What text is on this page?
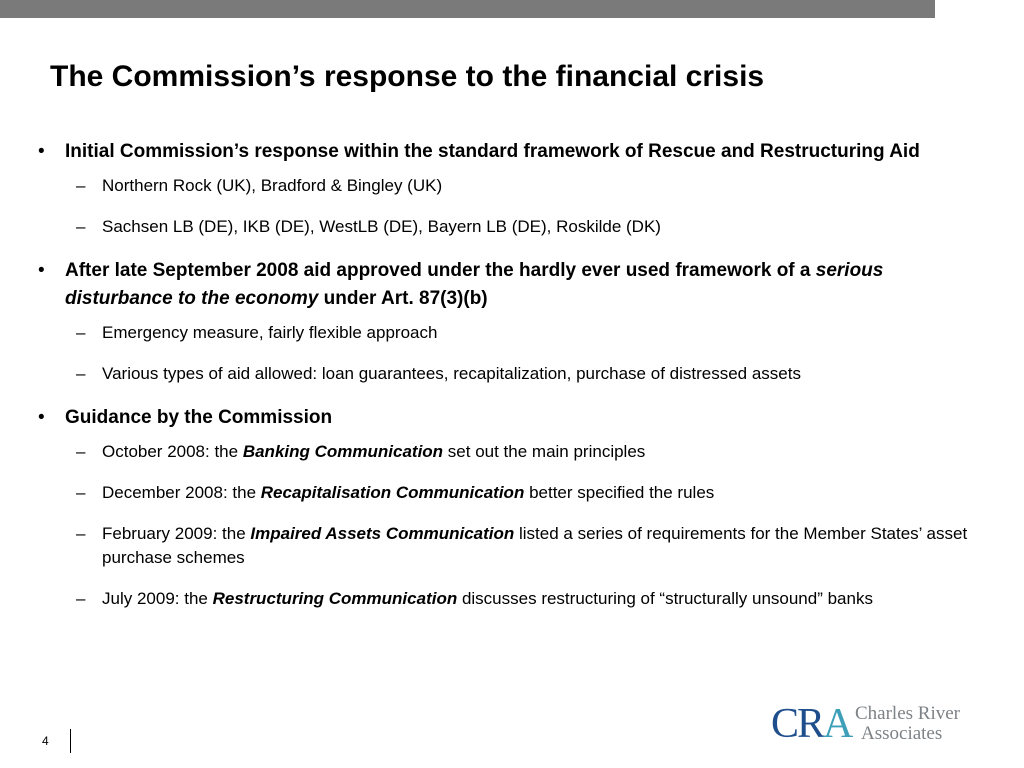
The Commission’s response to the financial crisis
• Initial Commission’s response within the standard framework of Rescue and Restructuring Aid
– Northern Rock (UK), Bradford & Bingley (UK)
– Sachsen LB (DE), IKB (DE), WestLB (DE), Bayern LB (DE), Roskilde (DK)
• After late September 2008 aid approved under the hardly ever used framework of a serious disturbance to the economy under Art. 87(3)(b)
– Emergency measure, fairly flexible approach
– Various types of aid allowed: loan guarantees, recapitalization, purchase of distressed assets
• Guidance by the Commission
– October 2008: the Banking Communication set out the main principles
– December 2008: the Recapitalisation Communication better specified the rules
– February 2009: the Impaired Assets Communication listed a series of requirements for the Member States’ asset purchase schemes
– July 2009: the Restructuring Communication discusses restructuring of “structurally unsound” banks
4	CRA Charles River
Associates
